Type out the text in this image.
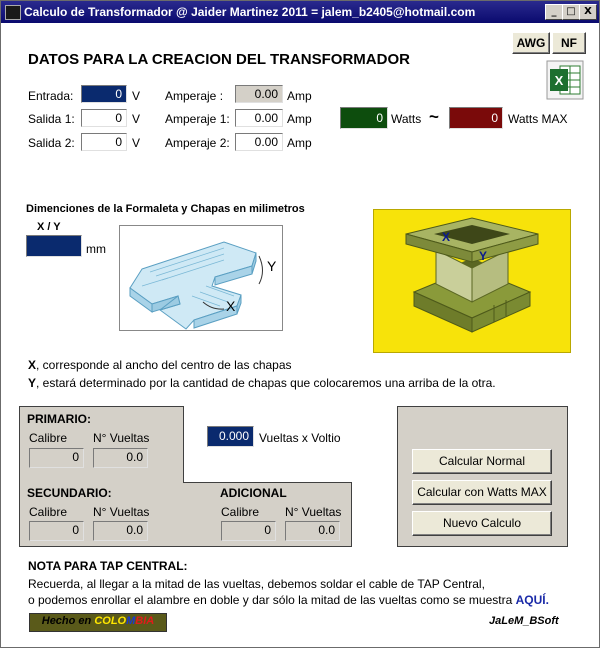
Calculo de Transformador @ Jaider Martinez 2011 = jalem_b2405@hotmail.com	_ □ X
AWG	NF
X
DATOS PARA LA CREACION DEL TRANSFORMADOR
Entrada:	0 V
Salida 1:	0 V
Salida 2:	0 V
Amperaje :	0.00 Amp
Amperaje 1:	0.00 Amp
Amperaje 2:	0.00 Amp
0 Watts ~	0 Watts MAX
Dimenciones de la Formaleta y Chapas en milimetros
X / Y
mm
Y
X
X
Y
X, corresponde al ancho del centro de las chapas
Y, estará determinado por la cantidad de chapas que colocaremos una arriba de la otra.
PRIMARIO:
Calibre
0
N° Vueltas
0.0
SECUNDARIO:
Calibre
0
N° Vueltas
0.0
ADICIONAL
Calibre
0
N° Vueltas
0.0
0.000 Vueltas x Voltio
Calcular Normal
Calcular con Watts MAX
Nuevo Calculo
NOTA PARA TAP CENTRAL:
Recuerda, al llegar a la mitad de las vueltas, debemos soldar el cable de TAP Central,
o podemos enrollar el alambre en doble y dar sólo la mitad de las vueltas como se muestra AQUÍ.
Hecho en COLOMBIA	JaLeM_BSoft
